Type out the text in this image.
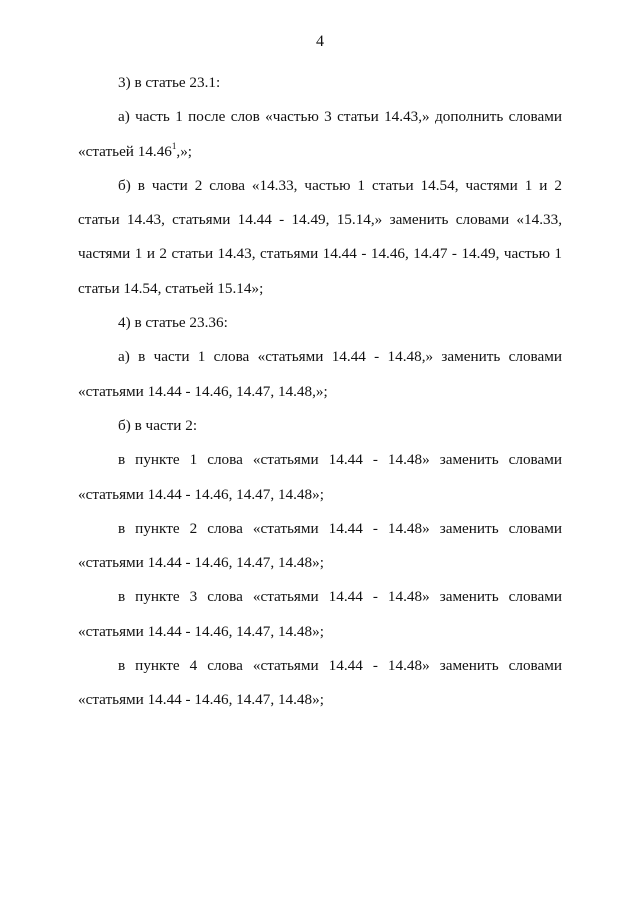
4

3) в статье 23.1:

а) часть 1 после слов «частью 3 статьи 14.43,» дополнить словами «статьей 14.46$^1$,»;

б) в части 2 слова «14.33, частью 1 статьи 14.54, частями 1 и 2 статьи 14.43, статьями 14.44 - 14.49, 15.14,» заменить словами «14.33, частями 1 и 2 статьи 14.43, статьями 14.44 - 14.46, 14.47 - 14.49, частью 1 статьи 14.54, статьей 15.14»;

4) в статье 23.36:

а) в части 1 слова «статьями 14.44 - 14.48,» заменить словами «статьями 14.44 - 14.46, 14.47, 14.48,»;

б) в части 2:

в пункте 1 слова «статьями 14.44 - 14.48» заменить словами «статьями 14.44 - 14.46, 14.47, 14.48»;

в пункте 2 слова «статьями 14.44 - 14.48» заменить словами «статьями 14.44 - 14.46, 14.47, 14.48»;

в пункте 3 слова «статьями 14.44 - 14.48» заменить словами «статьями 14.44 - 14.46, 14.47, 14.48»;

в пункте 4 слова «статьями 14.44 - 14.48» заменить словами «статьями 14.44 - 14.46, 14.47, 14.48»;
